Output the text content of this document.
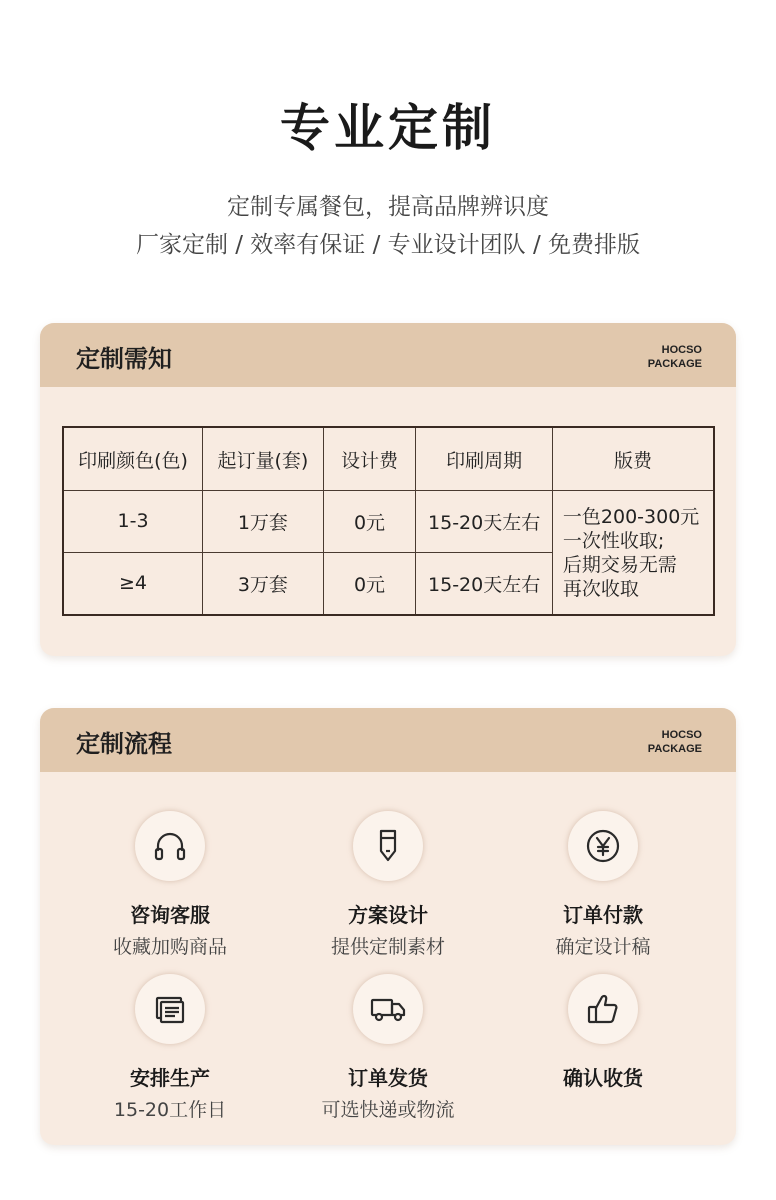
专业定制
定制专属餐包，提高品牌辨识度
厂家定制 / 效率有保证 / 专业设计团队 / 免费排版
定制需知	HOCSO
PACKAGE
印刷颜色(色)	起订量(套)	设计费	印刷周期	版费
1-3	1万套	0元	15-20天左右	一色200-300元
一次性收取;
后期交易无需
再次收取

≥4	3万套	0元	15-20天左右	
定制流程	HOCSO
PACKAGE
咨询客服
收藏加购商品
方案设计
提供定制素材
订单付款
确定设计稿
安排生产
15-20工作日
订单发货
可选快递或物流
确认收货
